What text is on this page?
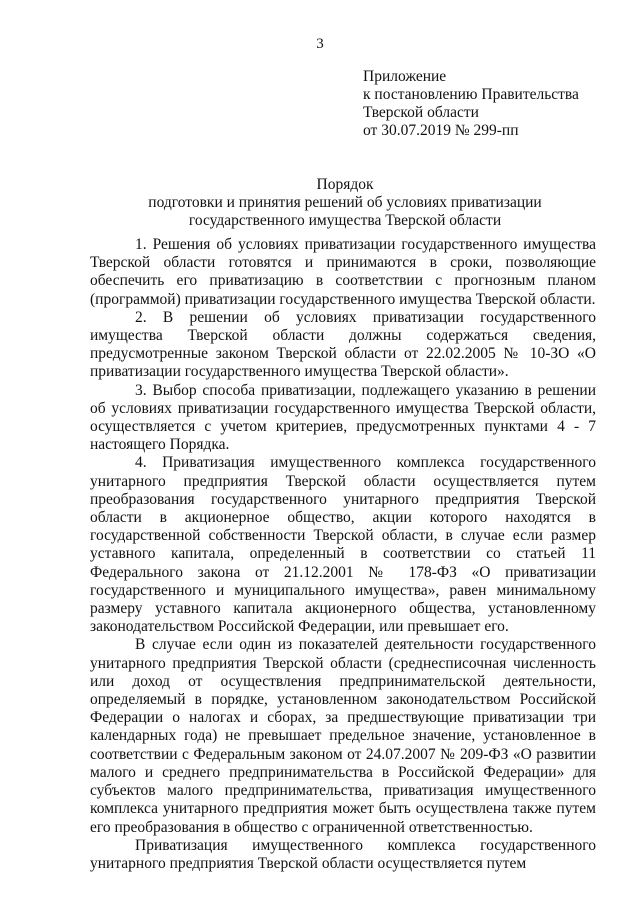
3
Приложение
к постановлению Правительства
Тверской области
от 30.07.2019 № 299-пп
Порядок
подготовки и принятия решений об условиях приватизации
государственного имущества Тверской области

1. Решения об условиях приватизации государственного имущества Тверской области готовятся и принимаются в сроки, позволяющие обеспечить его приватизацию в соответствии с прогнозным планом (программой) приватизации государственного имущества Тверской области.

2. В решении об условиях приватизации государственного имущества Тверской области должны содержаться сведения, предусмотренные законом Тверской области от 22.02.2005 № 10-ЗО «О приватизации государственного имущества Тверской области».

3. Выбор способа приватизации, подлежащего указанию в решении об условиях приватизации государственного имущества Тверской области, осуществляется с учетом критериев, предусмотренных пунктами 4 - 7 настоящего Порядка.

4. Приватизация имущественного комплекса государственного унитарного предприятия Тверской области осуществляется путем преобразования государственного унитарного предприятия Тверской области в акционерное общество, акции которого находятся в государственной собственности Тверской области, в случае если размер уставного капитала, определенный в соответствии со статьей 11 Федерального закона от 21.12.2001 № 178-ФЗ «О приватизации государственного и муниципального имущества», равен минимальному размеру уставного капитала акционерного общества, установленному законодательством Российской Федерации, или превышает его.

В случае если один из показателей деятельности государственного унитарного предприятия Тверской области (среднесписочная численность или доход от осуществления предпринимательской деятельности, определяемый в порядке, установленном законодательством Российской Федерации о налогах и сборах, за предшествующие приватизации три календарных года) не превышает предельное значение, установленное в соответствии с Федеральным законом от 24.07.2007 № 209-ФЗ «О развитии малого и среднего предпринимательства в Российской Федерации» для субъектов малого предпринимательства, приватизация имущественного комплекса унитарного предприятия может быть осуществлена также путем его преобразования в общество с ограниченной ответственностью.

Приватизация имущественного комплекса государственного унитарного предприятия Тверской области осуществляется путем
